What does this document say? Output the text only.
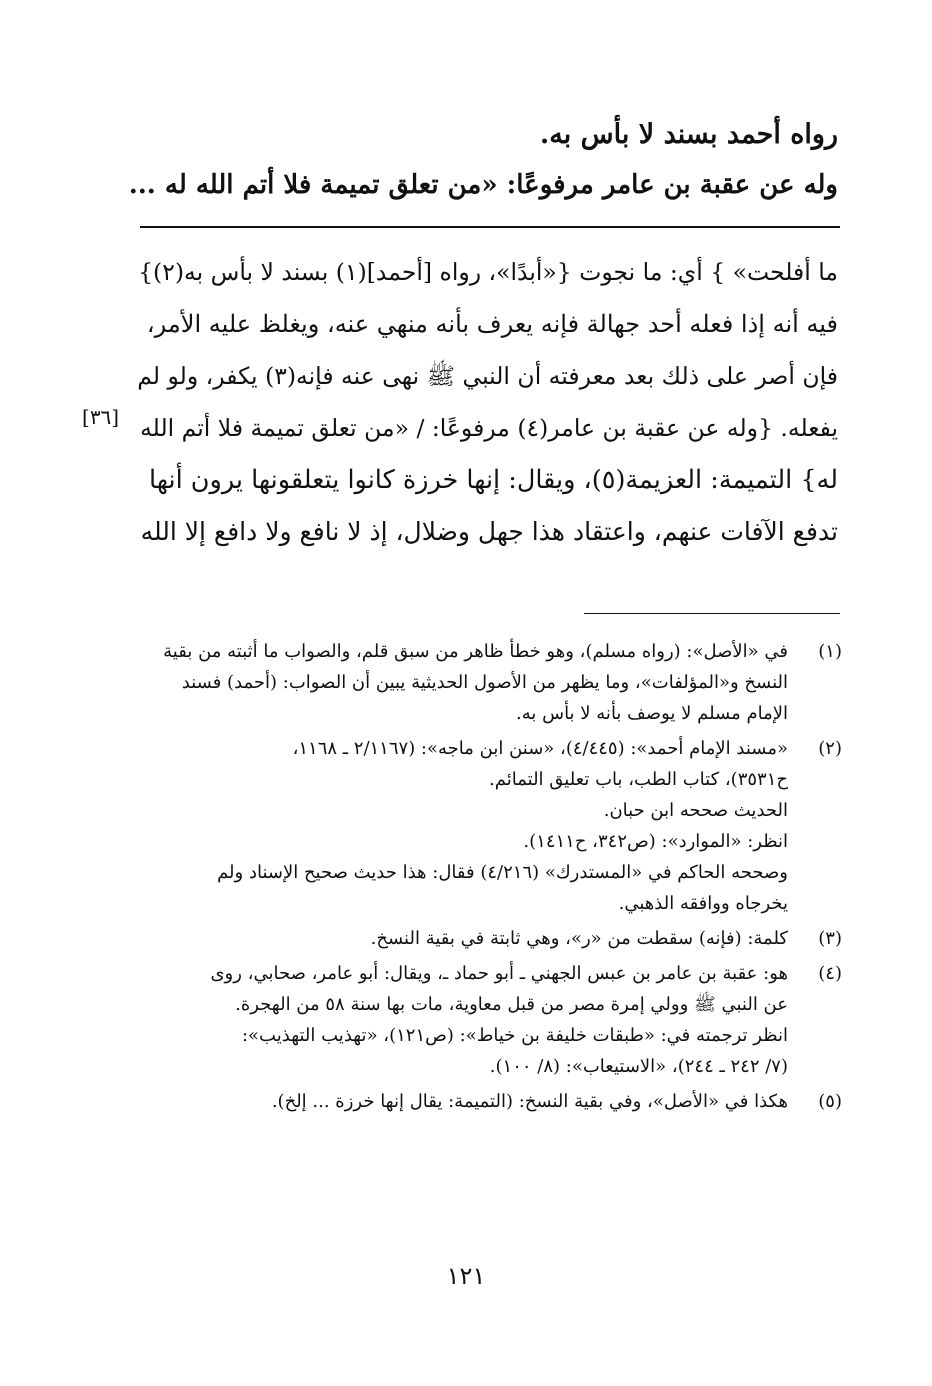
رواه أحمد بسند لا بأس به.
وله عن عقبة بن عامر مرفوعًا: «من تعلق تميمة فلا أتم الله له ...
ما أفلحت» } أي: ما نجوت {«أبدًا»، رواه [أحمد](١) بسند لا بأس به(٢)}
فيه أنه إذا فعله أحد جهالة فإنه يعرف بأنه منهي عنه، ويغلظ عليه الأمر،
فإن أصر على ذلك بعد معرفته أن النبي ﷺ نهى عنه فإنه(٣) يكفر، ولو لم
يفعله. {وله عن عقبة بن عامر(٤) مرفوعًا: / «من تعلق تميمة فلا أتم الله
له} التميمة: العزيمة(٥)، ويقال: إنها خرزة كانوا يتعلقونها يرون أنها
تدفع الآفات عنهم، واعتقاد هذا جهل وضلال، إذ لا نافع ولا دافع إلا الله
[٣٦]
(١)
في «الأصل»: (رواه مسلم)، وهو خطأ ظاهر من سبق قلم، والصواب ما أثبته من بقية
النسخ و«المؤلفات»، وما يظهر من الأصول الحديثية يبين أن الصواب: (أحمد) فسند
الإمام مسلم لا يوصف بأنه لا بأس به.
(٢)
«مسند الإمام أحمد»: (٤/٤٤٥)، «سنن ابن ماجه»: (٢/١١٦٧ ـ ١١٦٨،
ح٣٥٣١)، كتاب الطب، باب تعليق التمائم.
الحديث صححه ابن حبان.
انظر: «الموارد»: (ص٣٤٢، ح١٤١١).
وصححه الحاكم في «المستدرك» (٤/٢١٦) فقال: هذا حديث صحيح الإسناد ولم
يخرجاه ووافقه الذهبي.
(٣)
كلمة: (فإنه) سقطت من «ر»، وهي ثابتة في بقية النسخ.
(٤)
هو: عقبة بن عامر بن عبس الجهني ـ أبو حماد ـ، ويقال: أبو عامر، صحابي، روى
عن النبي ﷺ وولي إمرة مصر من قبل معاوية، مات بها سنة ٥٨ من الهجرة.
انظر ترجمته في: «طبقات خليفة بن خياط»: (ص١٢١)، «تهذيب التهذيب»:
(٧/ ٢٤٢ ـ ٢٤٤)، «الاستيعاب»: (٨/ ١٠٠).
(٥)
هكذا في «الأصل»، وفي بقية النسخ: (التميمة: يقال إنها خرزة ... إلخ).
١٢١
